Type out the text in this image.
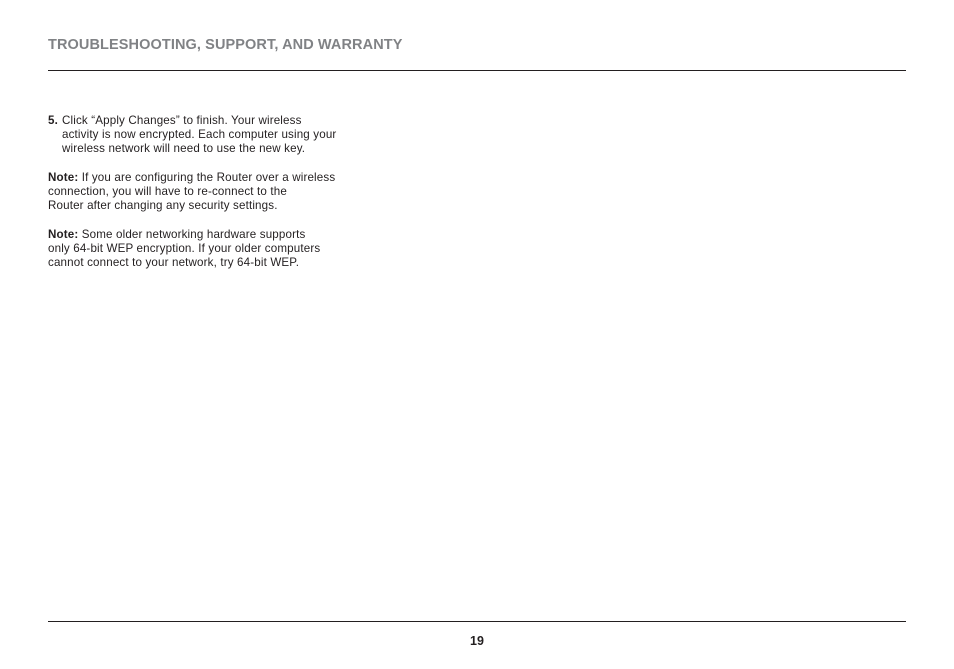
TROUBLESHOOTING, SUPPORT, AND WARRANTY
5. Click “Apply Changes” to finish. Your wireless
activity is now encrypted. Each computer using your
wireless network will need to use the new key.
Note: If you are configuring the Router over a wireless
connection, you will have to re-connect to the
Router after changing any security settings.
Note: Some older networking hardware supports
only 64-bit WEP encryption. If your older computers
cannot connect to your network, try 64-bit WEP.
19
